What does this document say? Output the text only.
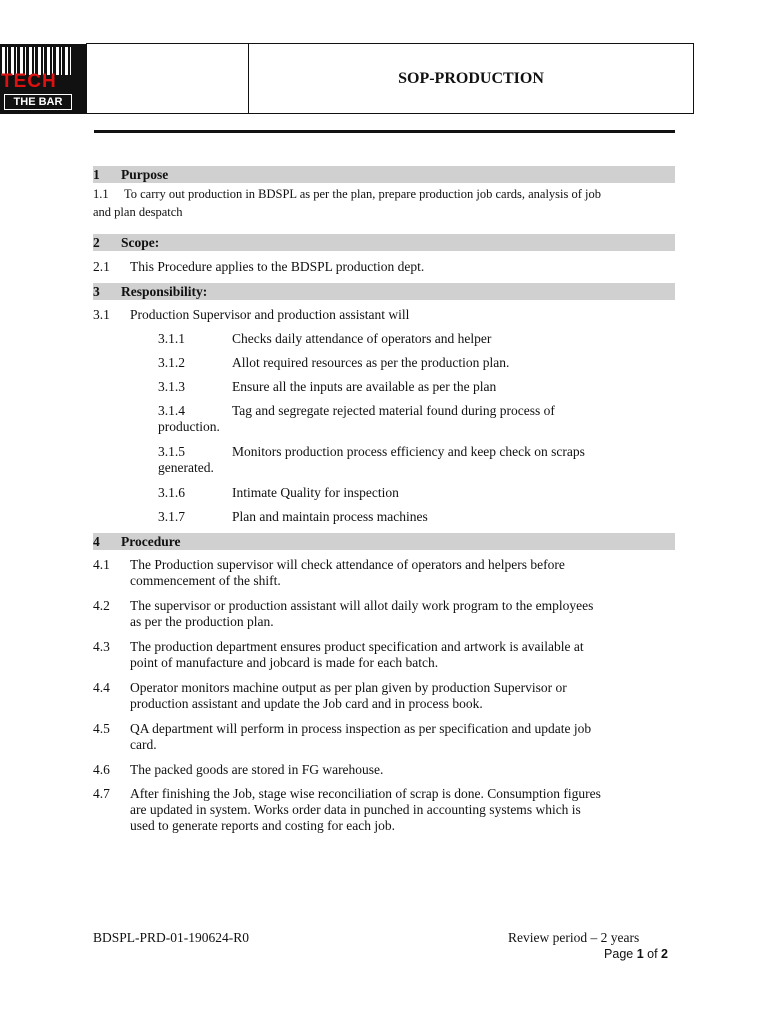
TECH
THE BAR
SOP-PRODUCTION
1 Purpose
1.1 To carry out production in BDSPL as per the plan, prepare production job cards, analysis of job
and plan despatch
2 Scope:
2.1 This Procedure applies to the BDSPL production dept.
3 Responsibility:
3.1 Production Supervisor and production assistant will
3.1.1	Checks daily attendance of operators and helper
3.1.2	Allot required resources as per the production plan.
3.1.3	Ensure all the inputs are available as per the plan
3.1.4	Tag and segregate rejected material found during process of
production.
3.1.5	Monitors production process efficiency and keep check on scraps
generated.
3.1.6	Intimate Quality for inspection
3.1.7	Plan and maintain process machines
4 Procedure
4.1 The Production supervisor will check attendance of operators and helpers before
commencement of the shift.
4.2 The supervisor or production assistant will allot daily work program to the employees
as per the production plan.
4.3 The production department ensures product specification and artwork is available at
point of manufacture and jobcard is made for each batch.
4.4 Operator monitors machine output as per plan given by production Supervisor or
production assistant and update the Job card and in process book.
4.5 QA department will perform in process inspection as per specification and update job
card.
4.6 The packed goods are stored in FG warehouse.
4.7 After finishing the Job, stage wise reconciliation of scrap is done. Consumption figures
are updated in system. Works order data in punched in accounting systems which is
used to generate reports and costing for each job.
BDSPL-PRD-01-190624-R0	Review period – 2 years
Page 1 of 2
